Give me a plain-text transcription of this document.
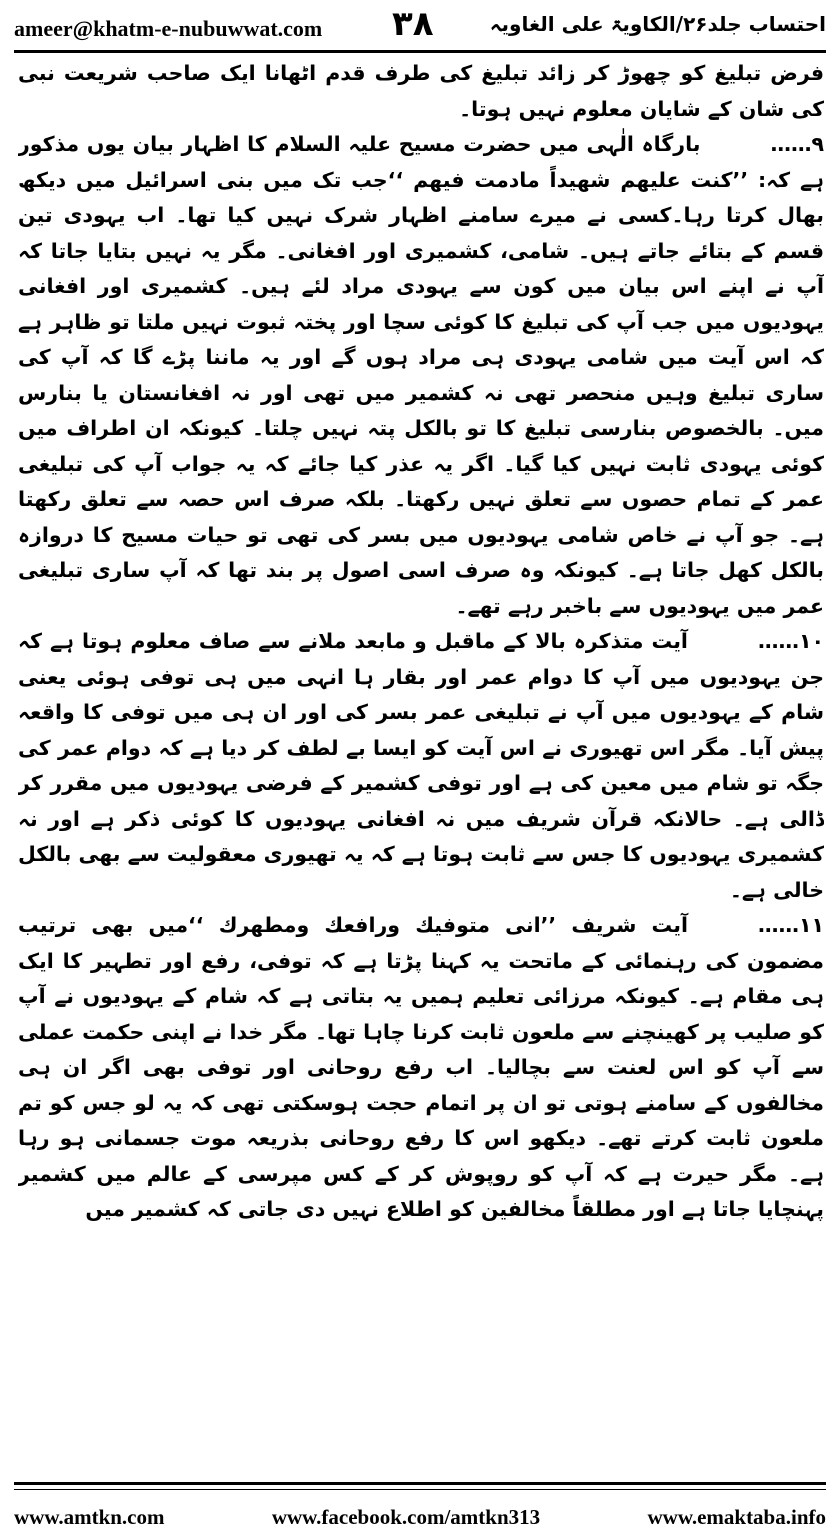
ameer@khatm-e-nubuwwat.com ۳۸	احتساب جلد۲۶/الکاویۃ علی الغاویہ

فرض تبلیغ کو چھوڑ کر زائد تبلیغ کی طرف قدم اٹھانا ایک صاحب شریعت نبی کی شان کے شایان معلوم نہیں ہوتا۔

۹……بارگاہ الٰہی میں حضرت مسیح علیہ السلام کا اظہار بیان یوں مذکور ہے کہ: ’’کنت علیهم شهیداً مادمت فیهم ‘‘جب تک میں بنی اسرائیل میں دیکھ بھال کرتا رہا۔کسی نے میرے سامنے اظہار شرک نہیں کیا تھا۔ اب یہودی تین قسم کے بتائے جاتے ہیں۔ شامی، کشمیری اور افغانی۔ مگر یہ نہیں بتایا جاتا کہ آپ نے اپنے اس بیان میں کون سے یہودی مراد لئے ہیں۔ کشمیری اور افغانی یہودیوں میں جب آپ کی تبلیغ کا کوئی سچا اور پختہ ثبوت نہیں ملتا تو ظاہر ہے کہ اس آیت میں شامی یہودی ہی مراد ہوں گے اور یہ ماننا پڑے گا کہ آپ کی ساری تبلیغ وہیں منحصر تھی نہ کشمیر میں تھی اور نہ افغانستان یا بنارس میں۔ بالخصوص بنارسی تبلیغ کا تو بالکل پتہ نہیں چلتا۔ کیونکہ ان اطراف میں کوئی یہودی ثابت نہیں کیا گیا۔ اگر یہ عذر کیا جائے کہ یہ جواب آپ کی تبلیغی عمر کے تمام حصوں سے تعلق نہیں رکھتا۔ بلکہ صرف اس حصہ سے تعلق رکھتا ہے۔ جو آپ نے خاص شامی یہودیوں میں بسر کی تھی تو حیات مسیح کا دروازہ بالکل کھل جاتا ہے۔ کیونکہ وہ صرف اسی اصول پر بند تھا کہ آپ ساری تبلیغی عمر میں یہودیوں سے باخبر رہے تھے۔

۱۰……آیت متذکرہ بالا کے ماقبل و مابعد ملانے سے صاف معلوم ہوتا ہے کہ جن یہودیوں میں آپ کا دوام عمر اور بقار ہا انہی میں ہی توفی ہوئی یعنی شام کے یہودیوں میں آپ نے تبلیغی عمر بسر کی اور ان ہی میں توفی کا واقعہ پیش آیا۔ مگر اس تھیوری نے اس آیت کو ایسا بے لطف کر دیا ہے کہ دوام عمر کی جگہ تو شام میں معین کی ہے اور توفی کشمیر کے فرضی یہودیوں میں مقرر کر ڈالی ہے۔ حالانکہ قرآن شریف میں نہ افغانی یہودیوں کا کوئی ذکر ہے اور نہ کشمیری یہودیوں کا جس سے ثابت ہوتا ہے کہ یہ تھیوری معقولیت سے بھی بالکل خالی ہے۔

۱۱……آیت شریف ’’انی متوفیك ورافعك ومطهرك ‘‘میں بھی ترتیب مضمون کی رہنمائی کے ماتحت یہ کہنا پڑتا ہے کہ توفی، رفع اور تطہیر کا ایک ہی مقام ہے۔ کیونکہ مرزائی تعلیم ہمیں یہ بتاتی ہے کہ شام کے یہودیوں نے آپ کو صلیب پر کھینچنے سے ملعون ثابت کرنا چاہا تھا۔ مگر خدا نے اپنی حکمت عملی سے آپ کو اس لعنت سے بچالیا۔ اب رفع روحانی اور توفی بھی اگر ان ہی مخالفوں کے سامنے ہوتی تو ان پر اتمام حجت ہوسکتی تھی کہ یہ لو جس کو تم ملعون ثابت کرتے تھے۔ دیکھو اس کا رفع روحانی بذریعہ موت جسمانی ہو رہا ہے۔ مگر حیرت ہے کہ آپ کو روپوش کر کے کس مپرسی کے عالم میں کشمیر پہنچایا جاتا ہے اور مطلقاً مخالفین کو اطلاع نہیں دی جاتی کہ کشمیر میں

www.amtkn.com	www.facebook.com/amtkn313	www.emaktaba.info
